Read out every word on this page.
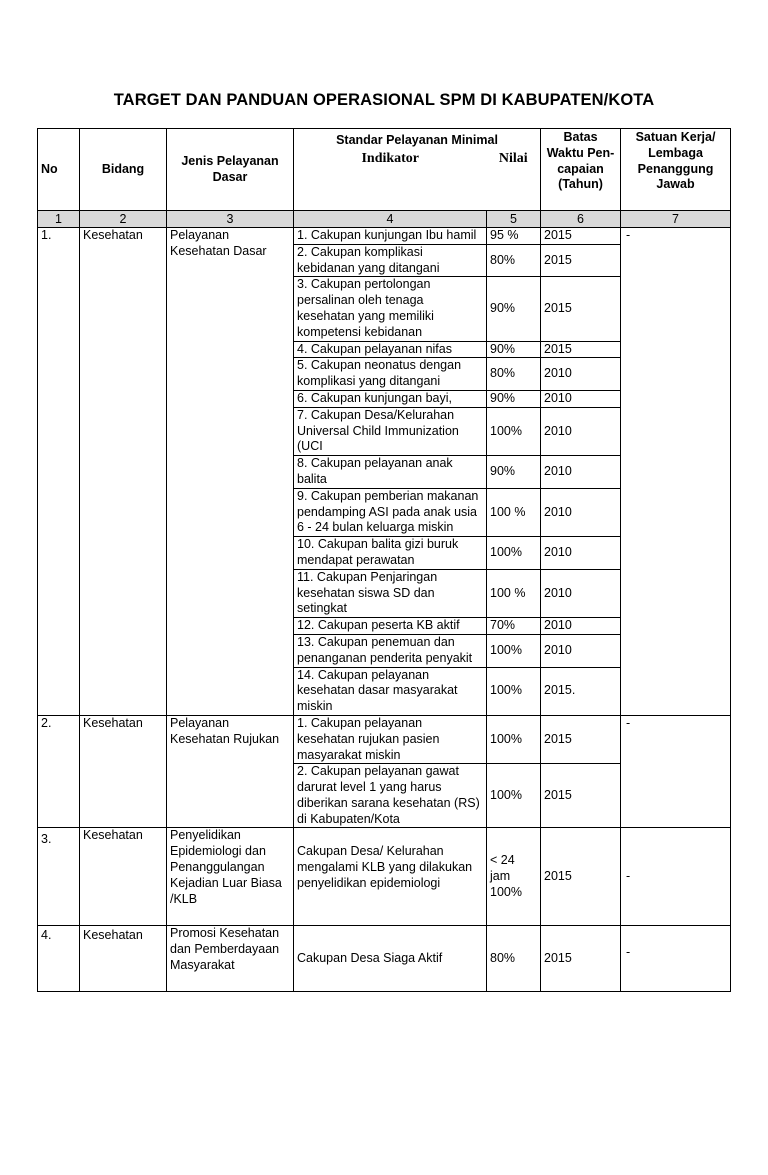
TARGET DAN PANDUAN OPERASIONAL SPM DI KABUPATEN/KOTA
No	Bidang	Jenis Pelayanan Dasar	Standar Pelayanan Minimal		Batas Waktu Pen-capaian (Tahun)	Satuan Kerja/ Lembaga Penanggung Jawab
			Indikator	Nilai		
1	2	3	4	5	6	7
1.	Kesehatan	Pelayanan Kesehatan Dasar	1. Cakupan kunjungan Ibu hamil	95 %	2015	-
			2. Cakupan komplikasi kebidanan yang ditangani	80%	2015	
			3. Cakupan pertolongan persalinan oleh tenaga kesehatan yang memiliki kompetensi kebidanan	90%	2015	
			4. Cakupan pelayanan nifas	90%	2015	
			5. Cakupan neonatus dengan komplikasi yang ditangani	80%	2010	
			6. Cakupan kunjungan bayi,	90%	2010	
			7. Cakupan Desa/Kelurahan Universal Child Immunization (UCI	100%	2010	
			8. Cakupan pelayanan anak balita	90%	2010	
			9. Cakupan pemberian makanan pendamping ASI pada anak usia 6 - 24 bulan keluarga miskin	100 %	2010	
			10. Cakupan balita gizi buruk mendapat perawatan	100%	2010	
			11. Cakupan Penjaringan kesehatan siswa SD dan setingkat	100 %	2010	
			12. Cakupan peserta KB aktif	70%	2010	
			13. Cakupan penemuan dan penanganan penderita penyakit	100%	2010	
			14. Cakupan pelayanan kesehatan dasar masyarakat miskin	100%	2015.	
2.	Kesehatan	Pelayanan Kesehatan Rujukan	1. Cakupan pelayanan kesehatan rujukan pasien masyarakat miskin	100%	2015	-
			2. Cakupan pelayanan gawat darurat level 1 yang harus diberikan sarana kesehatan (RS) di Kabupaten/Kota	100%	2015	
3.	Kesehatan	Penyelidikan Epidemiologi dan Penanggulangan Kejadian Luar Biasa /KLB	Cakupan Desa/ Kelurahan mengalami KLB yang dilakukan penyelidikan epidemiologi	< 24 jam 100%	2015	-
4.	Kesehatan	Promosi Kesehatan dan Pemberdayaan Masyarakat	Cakupan Desa Siaga Aktif	80%	2015	-
